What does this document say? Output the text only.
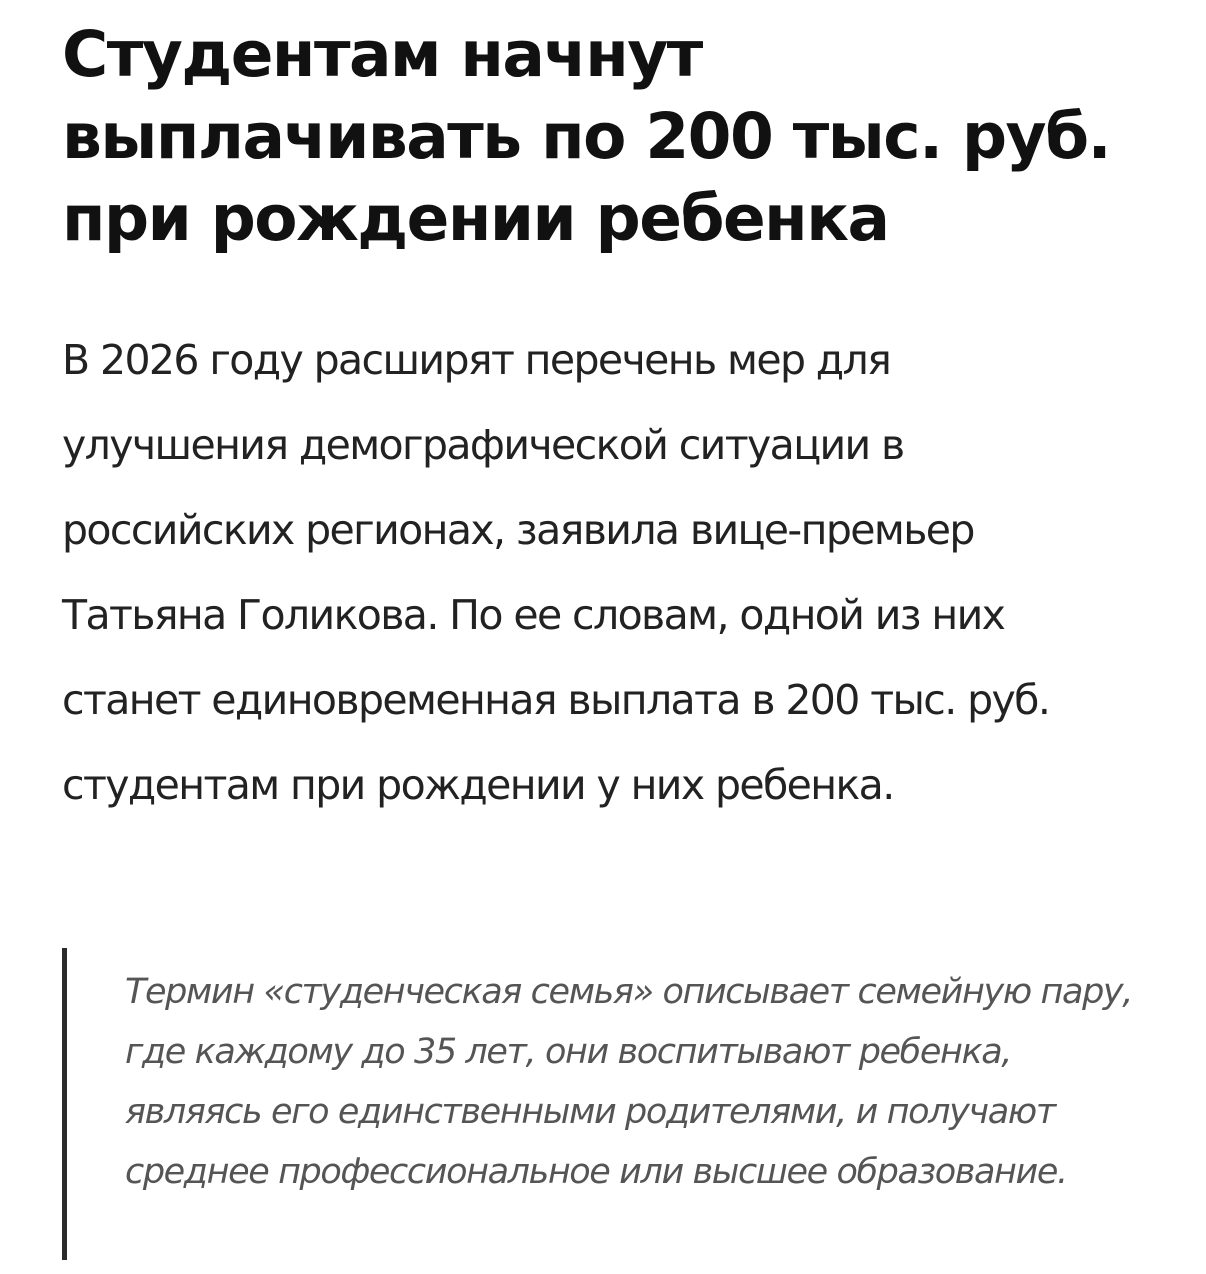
Студентам начнут выплачивать по 200 тыс. руб. при рождении ребенка

В 2026 году расширят перечень мер для улучшения демографической ситуации в российских регионах, заявила вице-премьер Татьяна Голикова. По ее словам, одной из них станет единовременная выплата в 200 тыс. руб. студентам при рождении у них ребенка.

Термин «студенческая семья» описывает семейную пару, где каждому до 35 лет, они воспитывают ребенка, являясь его единственными родителями, и получают среднее профессиональное или высшее образование.
